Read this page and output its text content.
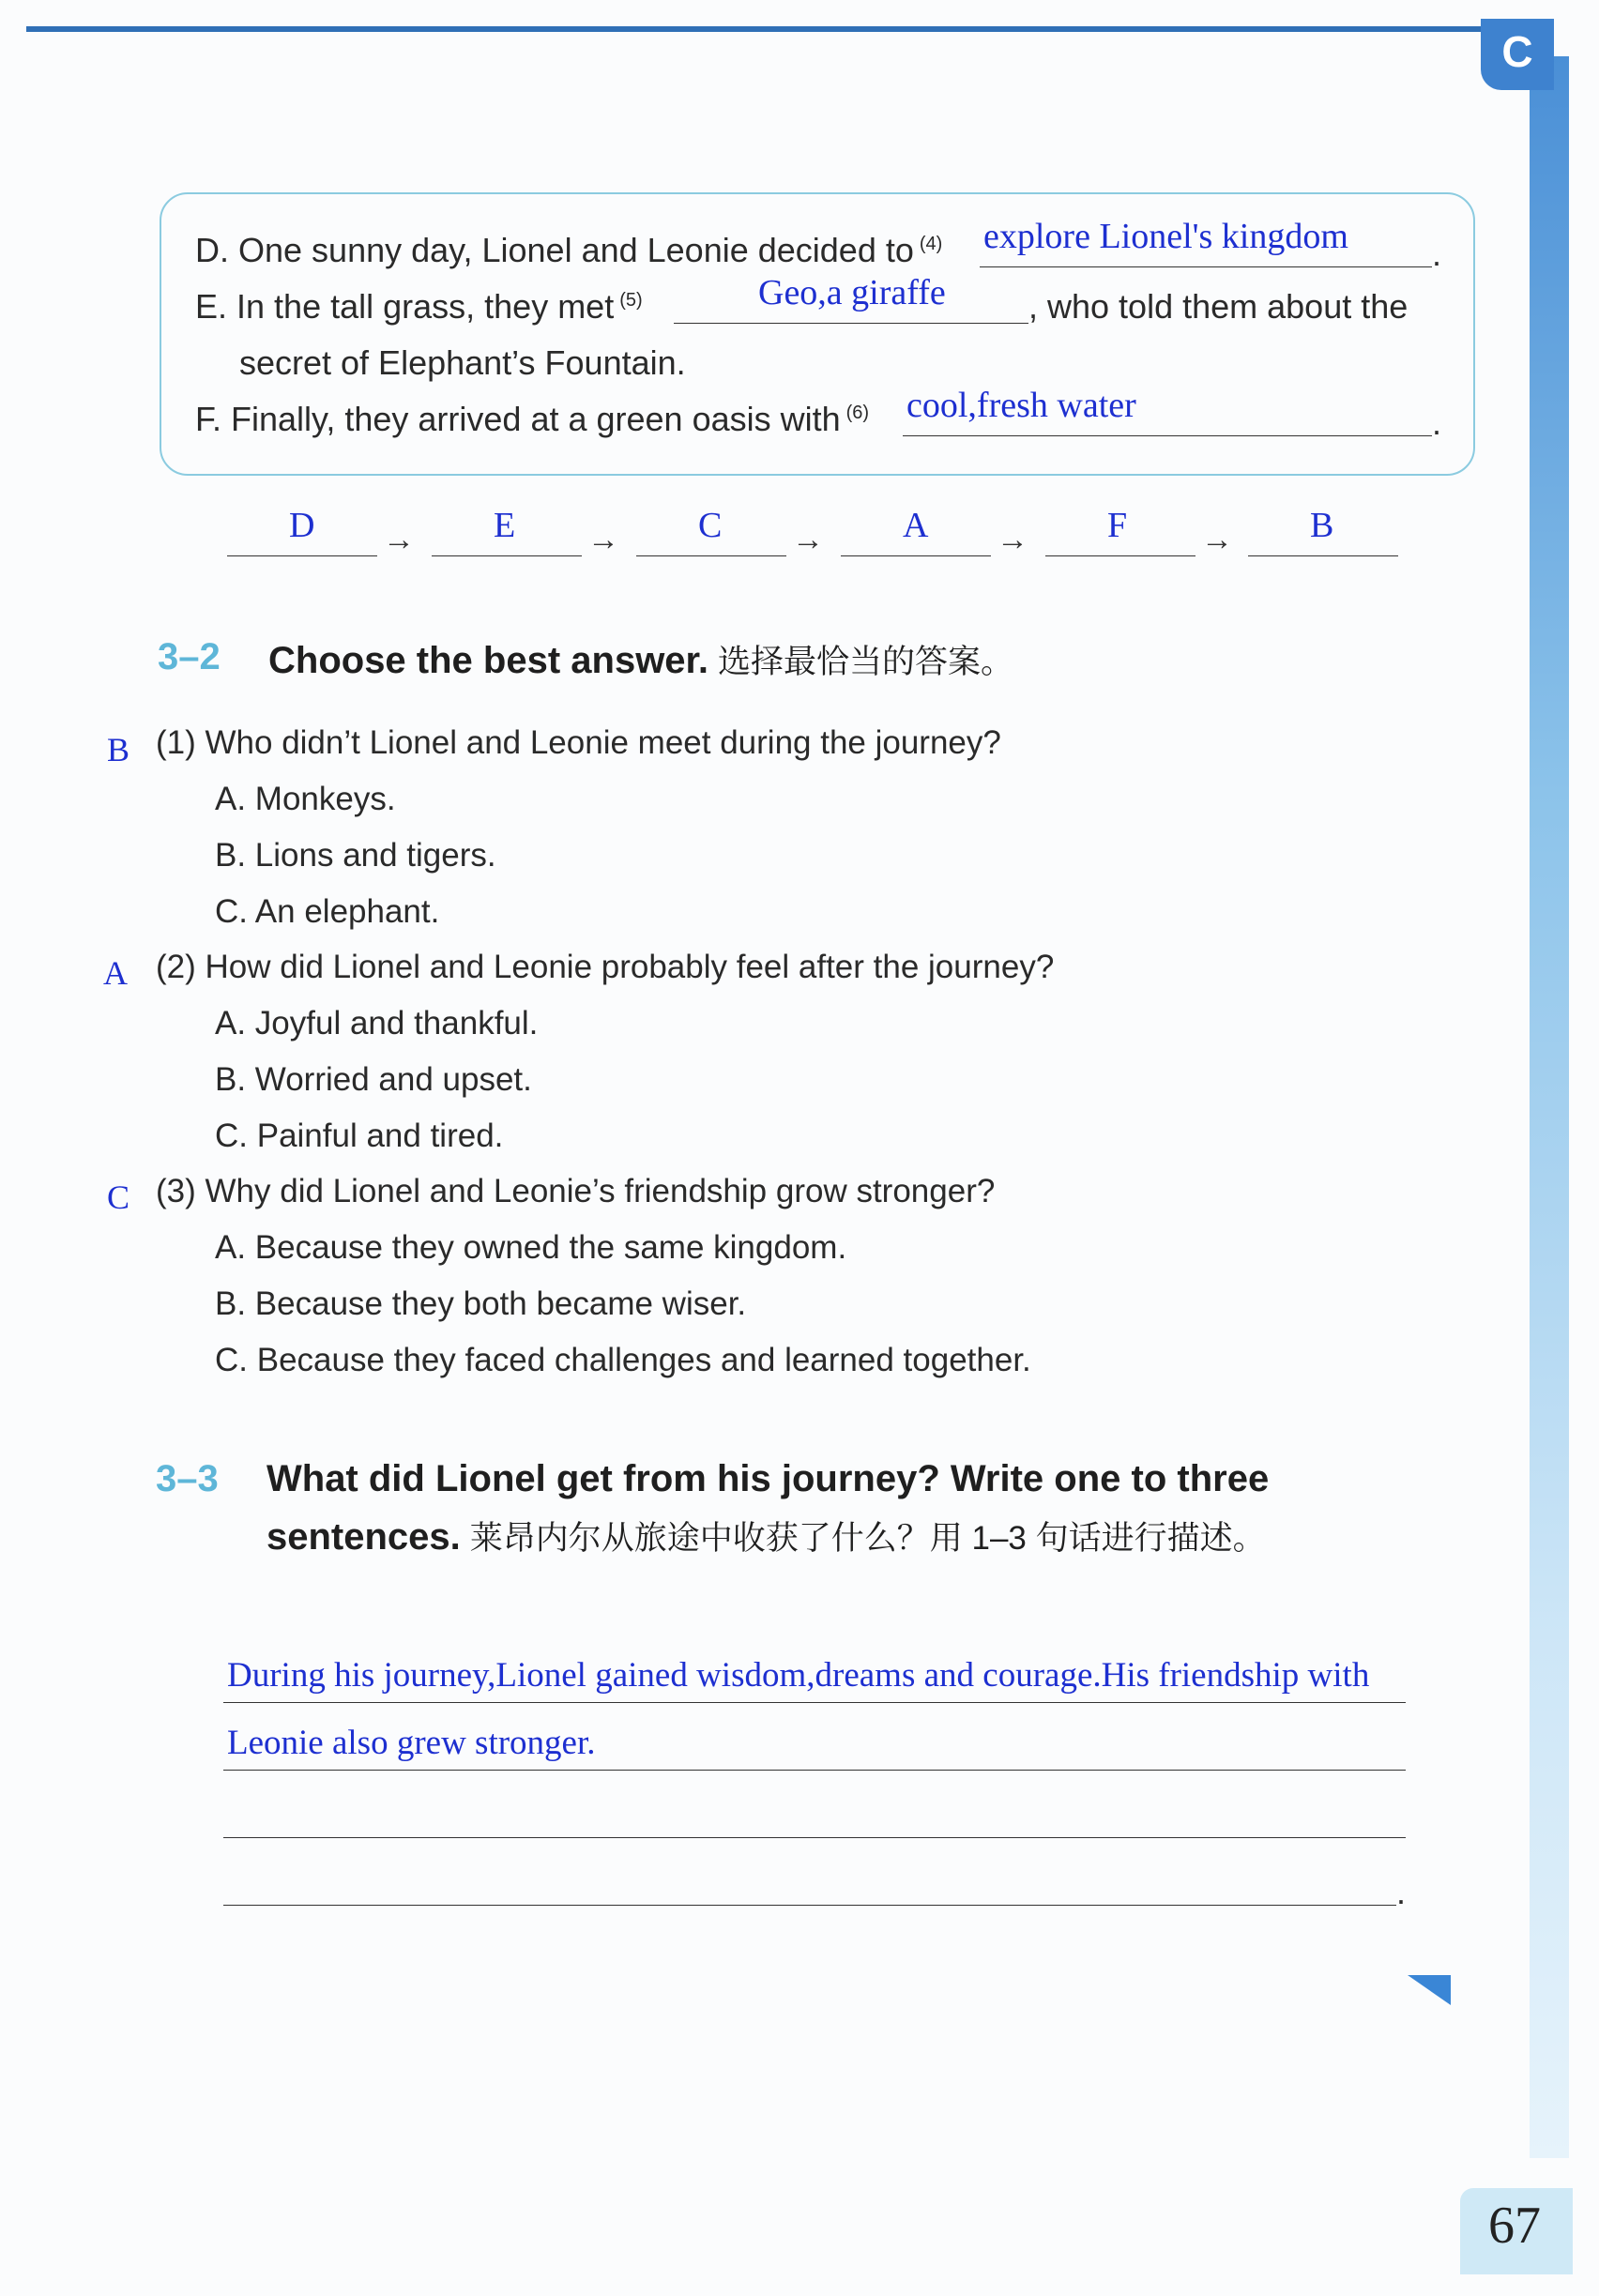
C
D. One sunny day, Lionel and Leonie decided to $^{(4)}$ explore Lionel's kingdom .
E. In the tall grass, they met $^{(5)}$	Geo,a giraffe , who told them about the
secret of Elephant’s Fountain.
F. Finally, they arrived at a green oasis with $^{(6)}$ cool,fresh water	.
D → E → C → A → F → B
3–2 Choose the best answer. 选择最恰当的答案。
B (1) Who didn’t Lionel and Leonie meet during the journey?
A. Monkeys.
B. Lions and tigers.
C. An elephant.
A (2) How did Lionel and Leonie probably feel after the journey?
A. Joyful and thankful.
B. Worried and upset.
C. Painful and tired.
C (3) Why did Lionel and Leonie’s friendship grow stronger?
A. Because they owned the same kingdom.
B. Because they both became wiser.
C. Because they faced challenges and learned together.
3–3 What did Lionel get from his journey? Write one to three
sentences. 莱昂内尔从旅途中收获了什么？用 1–3 句话进行描述。
During his journey,Lionel gained wisdom,dreams and courage.His friendship with
Leonie also grew stronger.
.
67
